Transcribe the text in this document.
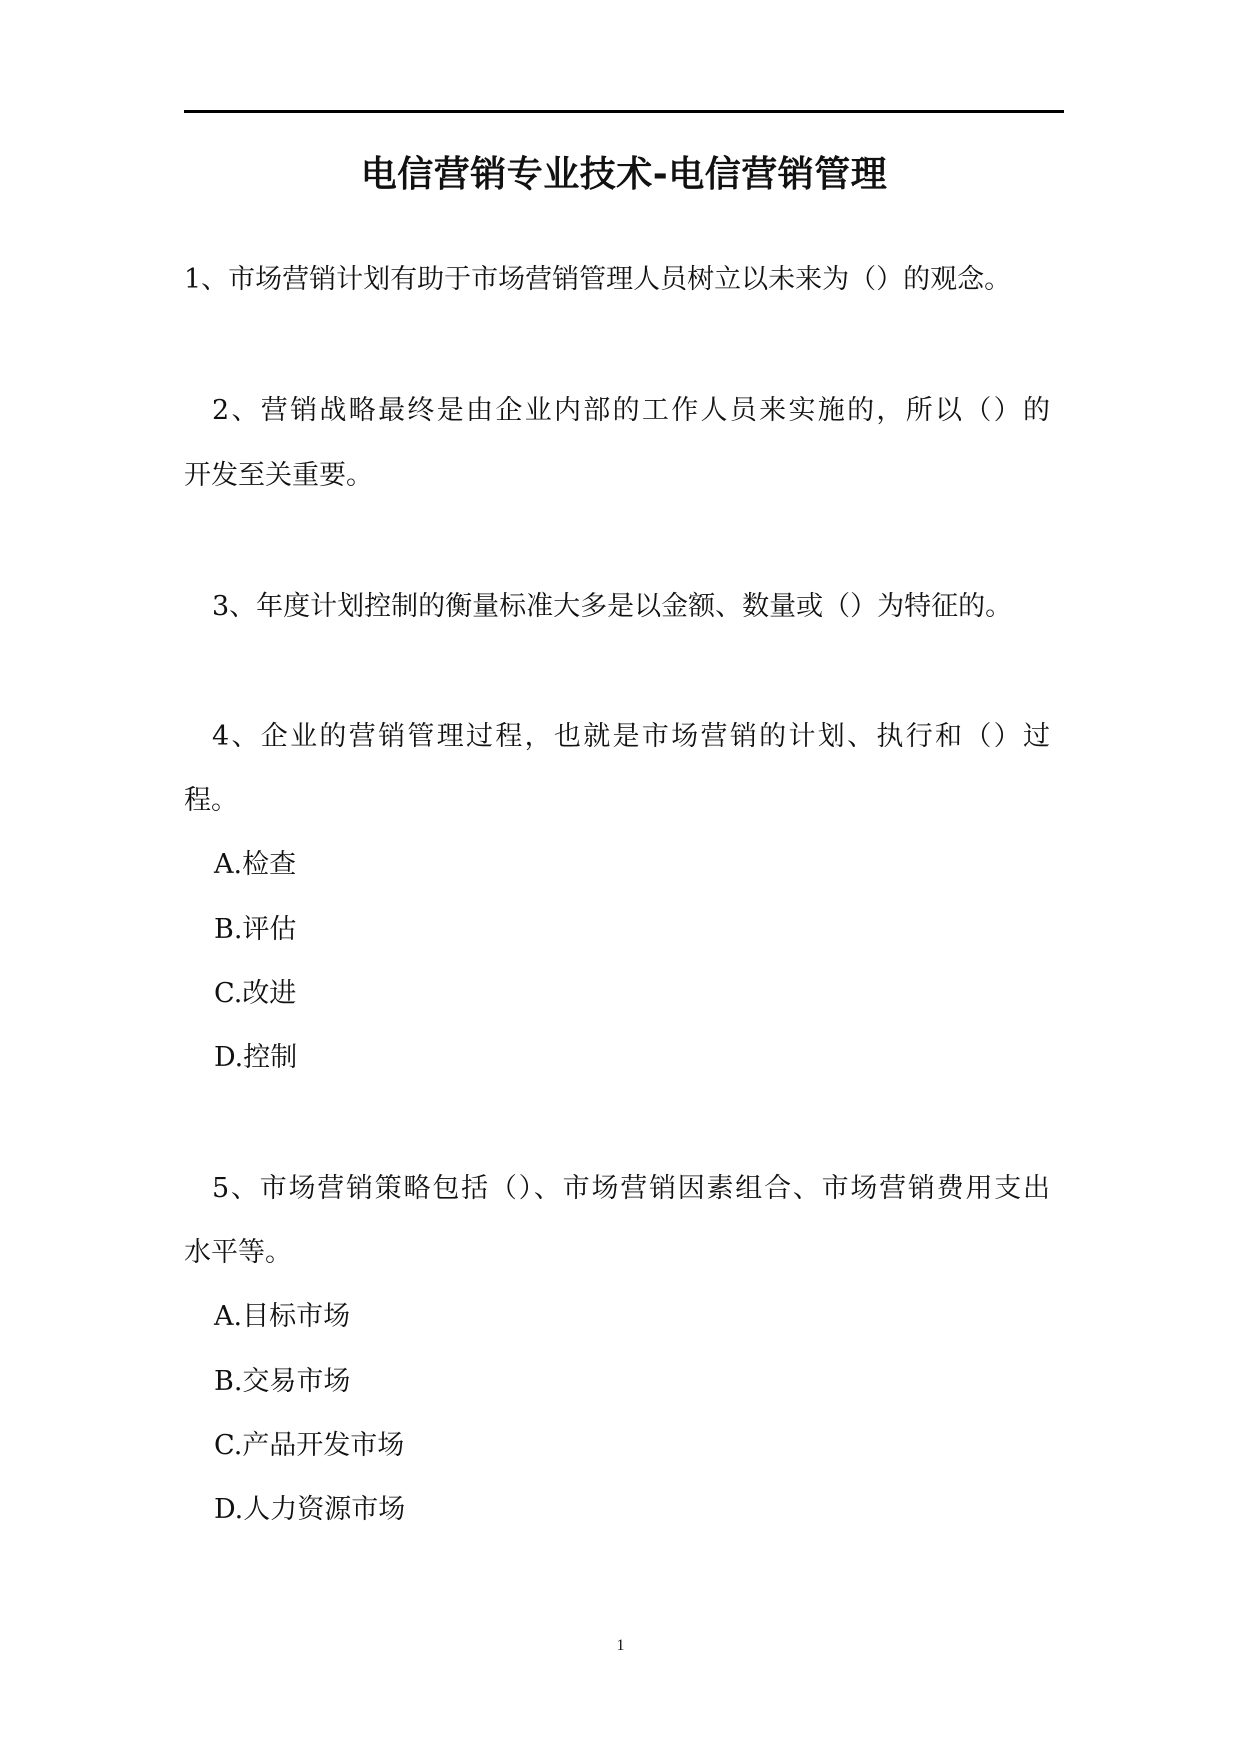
电信营销专业技术-电信营销管理
1、市场营销计划有助于市场营销管理人员树立以未来为（）的观念。
2、营销战略最终是由企业内部的工作人员来实施的，所以（）的
开发至关重要。
3、年度计划控制的衡量标准大多是以金额、数量或（）为特征的。
4、企业的营销管理过程，也就是市场营销的计划、执行和（）过
程。
A.检查
B.评估
C.改进
D.控制
5、市场营销策略包括（）、市场营销因素组合、市场营销费用支出
水平等。
A.目标市场
B.交易市场
C.产品开发市场
D.人力资源市场
1
